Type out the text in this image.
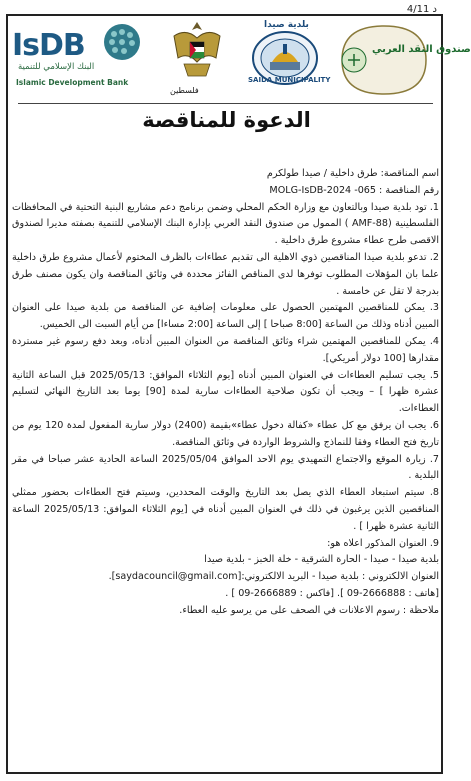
4/11 د
IsDB
البنك الإسلامي للتنمية
Islamic Development Bank
فلسطين
بلدية صيدا
SAIDA MUNICIPALITY
صندوق النقد العربي
الدعوة للمناقصة

اسم المناقصة: طرق داخلية / صيدا طولكرم

رقم المناقصة : 065- MOLG-IsDB-2024

1. تود بلدية صيدا وبالتعاون مع وزارة الحكم المحلي وضمن برنامج دعم مشاريع البنية التحتية في المحافظات الفلسطينية (AMF-88 ) الممول من صندوق النقد العربي بإدارة البنك الإسلامي للتنمية بصفته مديرا لصندوق الاقصى طرح عطاء مشروع طرق داخلية .

2. تدعو بلدية صيدا المناقصين ذوي الاهلية الى تقديم عطاءات بالظرف المختوم لأعمال مشروع طرق داخلية علما بان المؤهلات المطلوب توفرها لدى المناقص الفائز محددة في وثائق المناقصة وان يكون مصنف طرق بدرجة لا تقل عن خامسة .

3. يمكن للمناقصين المهتمين الحصول على معلومات إضافية عن المناقصة من بلدية صيدا على العنوان المبين أدناه وذلك من الساعة [8:00 صباحا ] إلى الساعة [2:00 مساءا] من أيام السبت الى الخميس.

4. يمكن للمناقصين المهتمين شراء وثائق المناقصة من العنوان المبين أدناه، وبعد دفع رسوم غير مستردة مقدارها [100 دولار أمريكي].

5. يجب تسليم العطاءات في العنوان المبين أدناه [يوم الثلاثاء الموافق: 2025/05/13 قبل الساعة الثانية عشرة ظهرا ] – ويجب أن تكون صلاحية العطاءات سارية لمدة [90] يوما بعد التاريخ النهائي لتسليم العطاءات.

6. يجب ان يرفق مع كل عطاء «كفالة دخول عطاء»بقيمة (2400) دولار سارية المفعول لمدة 120 يوم من تاريخ فتح العطاء وفقا للنماذج والشروط الواردة في وثائق المناقصة.

7. زيارة الموقع والاجتماع التمهيدي يوم الاحد الموافق 2025/05/04 الساعة الحادية عشر صباحا في مقر البلدية .

8. سيتم استبعاد العطاء الذي يصل بعد التاريخ والوقت المحددين، وسيتم فتح العطاءات بحضور ممثلي المناقصين الذين يرغبون في ذلك في العنوان المبين أدناه في [يوم الثلاثاء الموافق: 2025/05/13 الساعة الثانية عشرة ظهرا ] .

9. العنوان المذكور اعلاه هو:

بلدية صيدا - صيدا - الحارة الشرقية - خلة الخبز - بلدية صيدا

العنوان الالكتروني : بلدية صيدا - البريد الالكتروني:[saydacouncil@gmail.com].

[هاتف : 2666888-09 ]. [فاكس : 2666889-09 ] .

ملاحظة : رسوم الاعلانات في الصحف على من يرسو عليه العطاء.
